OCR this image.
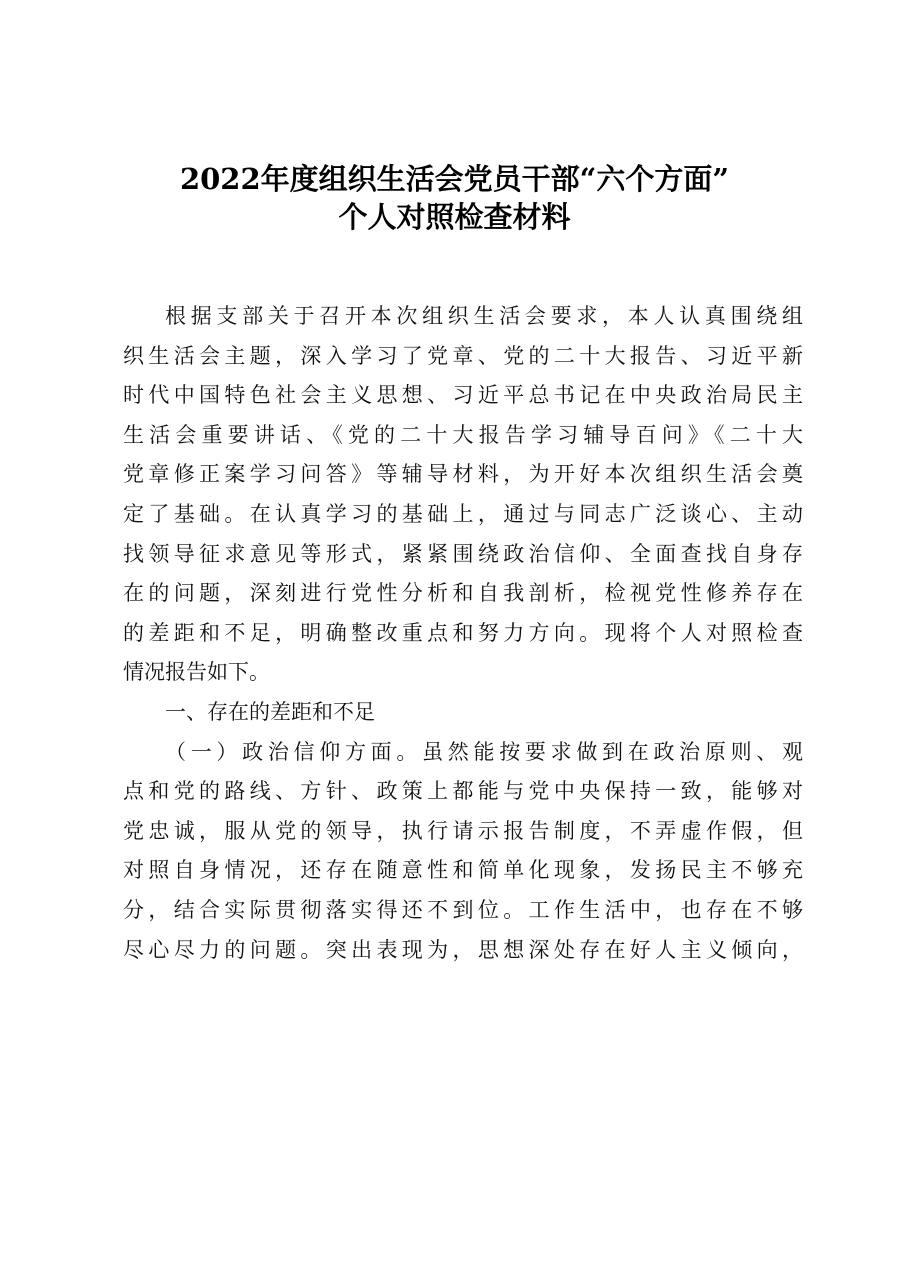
2022年度组织生活会党员干部“六个方面”
个人对照检查材料
根据支部关于召开本次组织生活会要求，本人认真围绕组
织生活会主题，深入学习了党章、党的二十大报告、习近平新
时代中国特色社会主义思想、习近平总书记在中央政治局民主
生活会重要讲话、《党的二十大报告学习辅导百问》《二十大
党章修正案学习问答》等辅导材料，为开好本次组织生活会奠
定了基础。在认真学习的基础上，通过与同志广泛谈心、主动
找领导征求意见等形式，紧紧围绕政治信仰、全面查找自身存
在的问题，深刻进行党性分析和自我剖析，检视党性修养存在
的差距和不足，明确整改重点和努力方向。现将个人对照检查
情况报告如下。
一、存在的差距和不足
（一）政治信仰方面。虽然能按要求做到在政治原则、观
点和党的路线、方针、政策上都能与党中央保持一致，能够对
党忠诚，服从党的领导，执行请示报告制度，不弄虚作假，但
对照自身情况，还存在随意性和简单化现象，发扬民主不够充
分，结合实际贯彻落实得还不到位。工作生活中，也存在不够
尽心尽力的问题。突出表现为，思想深处存在好人主义倾向，
